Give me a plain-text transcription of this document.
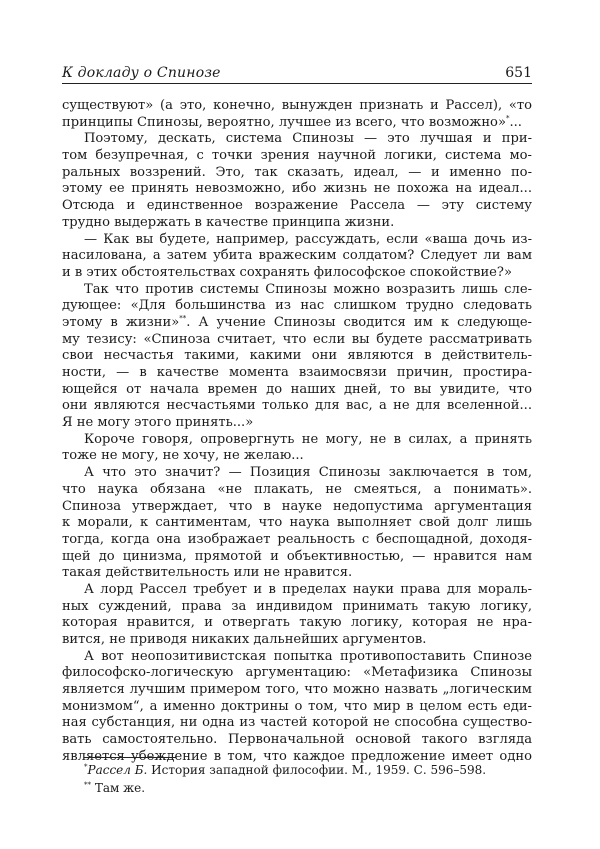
К докладу о Спинозе	651
существуют» (а это, конечно, вынужден признать и Рассел), «то
принципы Спинозы, вероятно, лучшее из всего, что возможно»*...
Поэтому, дескать, система Спинозы — это лучшая и при-
том безупречная, с точки зрения научной логики, система мо-
ральных воззрений. Это, так сказать, идеал, — и именно по-
этому ее принять невозможно, ибо жизнь не похожа на идеал...
Отсюда и единственное возражение Рассела — эту систему
трудно выдержать в качестве принципа жизни.
— Как вы будете, например, рассуждать, если «ваша дочь из-
насилована, а затем убита вражеским солдатом? Следует ли вам
и в этих обстоятельствах сохранять философское спокойствие?»
Так что против системы Спинозы можно возразить лишь сле-
дующее: «Для большинства из нас слишком трудно следовать
этому в жизни»**. А учение Спинозы сводится им к следующе-
му тезису: «Спиноза считает, что если вы будете рассматривать
свои несчастья такими, какими они являются в действитель-
ности, — в качестве момента взаимосвязи причин, простира-
ющейся от начала времен до наших дней, то вы увидите, что
они являются несчастьями только для вас, а не для вселенной...
Я не могу этого принять...»
Короче говоря, опровергнуть не могу, не в силах, а принять
тоже не могу, не хочу, не желаю...
А что это значит? — Позиция Спинозы заключается в том,
что наука обязана «не плакать, не смеяться, а понимать».
Спиноза утверждает, что в науке недопустима аргументация
к морали, к сантиментам, что наука выполняет свой долг лишь
тогда, когда она изображает реальность с беспощадной, доходя-
щей до цинизма, прямотой и объективностью, — нравится нам
такая действительность или не нравится.
А лорд Рассел требует и в пределах науки права для мораль-
ных суждений, права за индивидом принимать такую логику,
которая нравится, и отвергать такую логику, которая не нра-
вится, не приводя никаких дальнейших аргументов.
А вот неопозитивистская попытка противопоставить Спинозе
философско-логическую аргументацию: «Метафизика Спинозы
является лучшим примером того, что можно назвать „логическим
монизмом“, а именно доктрины о том, что мир в целом есть еди-
ная субстанция, ни одна из частей которой не способна существо-
вать самостоятельно. Первоначальной основой такого взгляда
является убеждение в том, что каждое предложение имеет одно
*Рассел Б. История западной философии. М., 1959. С. 596–598.
** Там же.
